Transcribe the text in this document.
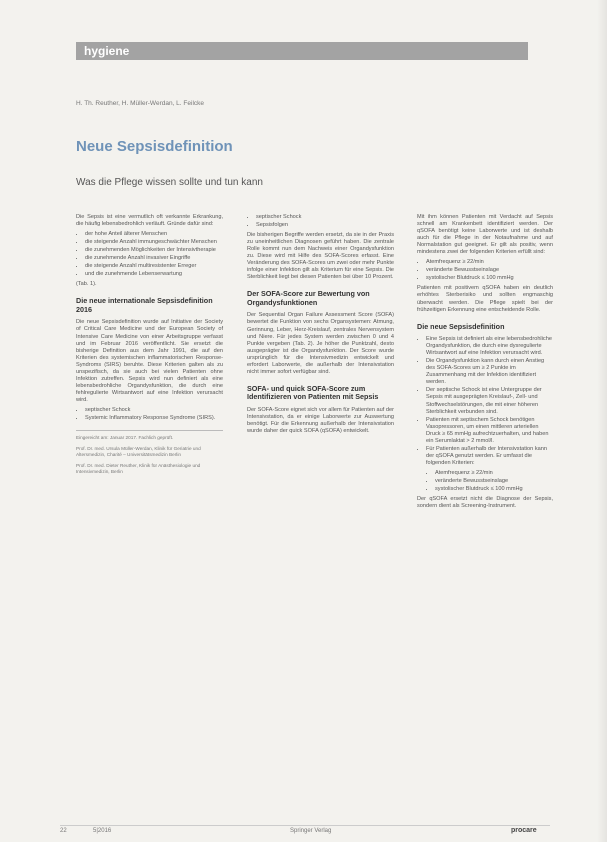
hygiene
H. Th. Reuther, H. Müller-Werdan, L. Feilcke
Neue Sepsisdefinition
Was die Pflege wissen sollte und tun kann

Die Sepsis ist eine vermutlich oft verkannte Erkrankung, die häufig lebensbedrohlich verläuft. Gründe dafür sind:

• der hohe Anteil älterer Menschen
• die steigende Anzahl immungeschwächter Menschen
• die zunehmenden Möglichkeiten der Intensivtherapie
• die zunehmende Anzahl invasiver Eingriffe
• die steigende Anzahl multiresistenter Erreger
• und die zunehmende Lebenserwartung

(Tab. 1).

Die neue internationale Sepsisdefinition 2016

Die neue Sepsisdefinition wurde auf Initiative der Society of Critical Care Medicine und der European Society of Intensive Care Medicine von einer Arbeitsgruppe verfasst und im Februar 2016 veröffentlicht. Sie ersetzt die bisherige Definition aus dem Jahr 1991, die auf den Kriterien des systemischen inflammatorischen Response-Syndroms (SIRS) beruhte. Diese Kriterien galten als zu unspezifisch, da sie auch bei vielen Patienten ohne Infektion zutreffen. Sepsis wird nun definiert als eine lebensbedrohliche Organdysfunktion, die durch eine fehlregulierte Wirtsantwort auf eine Infektion verursacht wird.

• septischer Schock
• Systemic Inflammatory Response Syndrome (SIRS).
Eingereicht am: Januar 2017. Fachlich geprüft.
Prof. Dr. med. Ursula Müller-Werdan, Klinik für Geriatrie und Altersmedizin, Charité – Universitätsmedizin Berlin
Prof. Dr. med. Dieter Reuther, Klinik für Anästhesiologie und Intensivmedizin, Berlin
• septischer Schock
• Sepsisfolgen

Die bisherigen Begriffe werden ersetzt, da sie in der Praxis zu uneinheitlichen Diagnosen geführt haben. Die zentrale Rolle kommt nun dem Nachweis einer Organdysfunktion zu. Diese wird mit Hilfe des SOFA-Scores erfasst. Eine Veränderung des SOFA-Scores um zwei oder mehr Punkte infolge einer Infektion gilt als Kriterium für eine Sepsis. Die Sterblichkeit liegt bei diesen Patienten bei über 10 Prozent.

Der SOFA-Score zur Bewertung von Organdysfunktionen

Der Sequential Organ Failure Assessment Score (SOFA) bewertet die Funktion von sechs Organsystemen: Atmung, Gerinnung, Leber, Herz-Kreislauf, zentrales Nervensystem und Niere. Für jedes System werden zwischen 0 und 4 Punkte vergeben (Tab. 2). Je höher die Punktzahl, desto ausgeprägter ist die Organdysfunktion. Der Score wurde ursprünglich für die Intensivmedizin entwickelt und erfordert Laborwerte, die außerhalb der Intensivstation nicht immer sofort verfügbar sind.

SOFA- und quick SOFA-Score zum Identifizieren von Patienten mit Sepsis

Der SOFA-Score eignet sich vor allem für Patienten auf der Intensivstation, da er einige Laborwerte zur Auswertung benötigt. Für die Erkennung außerhalb der Intensivstation wurde daher der quick SOFA (qSOFA) entwickelt.

Mit ihm können Patienten mit Verdacht auf Sepsis schnell am Krankenbett identifiziert werden. Der qSOFA benötigt keine Laborwerte und ist deshalb auch für die Pflege in der Notaufnahme und auf Normalstation gut geeignet. Er gilt als positiv, wenn mindestens zwei der folgenden Kriterien erfüllt sind:

• Atemfrequenz ≥ 22/min
• veränderte Bewusstseinslage
• systolischer Blutdruck ≤ 100 mmHg

Patienten mit positivem qSOFA haben ein deutlich erhöhtes Sterberisiko und sollten engmaschig überwacht werden. Die Pflege spielt bei der frühzeitigen Erkennung eine entscheidende Rolle.

Die neue Sepsisdefinition
• Eine Sepsis ist definiert als eine lebensbedrohliche Organdysfunktion, die durch eine dysregulierte Wirtsantwort auf eine Infektion verursacht wird.
• Die Organdysfunktion kann durch einen Anstieg des SOFA-Scores um ≥ 2 Punkte im Zusammenhang mit der Infektion identifiziert werden.
• Der septische Schock ist eine Untergruppe der Sepsis mit ausgeprägten Kreislauf-, Zell- und Stoffwechselstörungen, die mit einer höheren Sterblichkeit verbunden sind.
• Patienten mit septischem Schock benötigen Vasopressoren, um einen mittleren arteriellen Druck ≥ 65 mmHg aufrechtzuerhalten, und haben ein Serumlaktat > 2 mmol/l.
• Für Patienten außerhalb der Intensivstation kann der qSOFA genutzt werden. Er umfasst die folgenden Kriterien:
• Atemfrequenz ≥ 22/min
• veränderte Bewusstseinslage
• systolischer Blutdruck ≤ 100 mmHg

Der qSOFA ersetzt nicht die Diagnose der Sepsis, sondern dient als Screening-Instrument.

22	5|2016	Springer Verlag	procare
